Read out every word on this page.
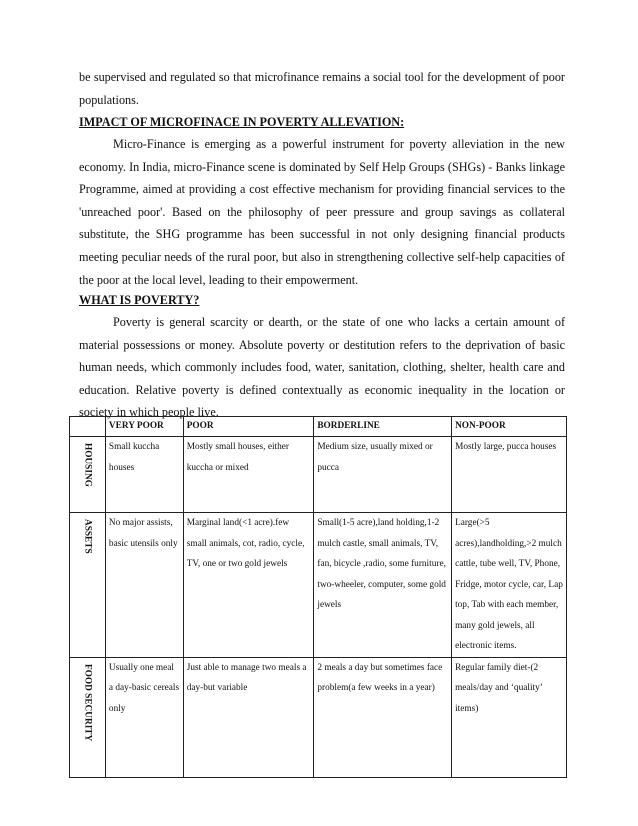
be supervised and regulated so that microfinance remains a social tool for the development of poor populations.

IMPACT OF MICROFINACE IN POVERTY ALLEVATION:

Micro-Finance is emerging as a powerful instrument for poverty alleviation in the new economy. In India, micro-Finance scene is dominated by Self Help Groups (SHGs) - Banks linkage Programme, aimed at providing a cost effective mechanism for providing financial services to the 'unreached poor'. Based on the philosophy of peer pressure and group savings as collateral substitute, the SHG programme has been successful in not only designing financial products meeting peculiar needs of the rural poor, but also in strengthening collective self-help capacities of the poor at the local level, leading to their empowerment.

WHAT IS POVERTY?

Poverty is general scarcity or dearth, or the state of one who lacks a certain amount of material possessions or money. Absolute poverty or destitution refers to the deprivation of basic human needs, which commonly includes food, water, sanitation, clothing, shelter, health care and education. Relative poverty is defined contextually as economic inequality in the location or society in which people live.

	VERY POOR	POOR	BORDERLINE	NON-POOR

HOUSING	Small kuccha houses	Mostly small houses, either kuccha or mixed	Medium size, usually mixed or pucca	Mostly large, pucca houses

ASSETS	No major assists, basic utensils only	Marginal land(<1 acre).few small animals, cot, radio, cycle, TV, one or two gold jewels	Small(1-5 acre),land holding,1-2 mulch castle, small animals, TV, fan, bicycle ,radio, some furniture, two-wheeler, computer, some gold jewels	Large(>5 acres),landholding,>2 mulch cattle, tube well, TV, Phone, Fridge, motor cycle, car, Lap top, Tab with each member, many gold jewels, all electronic items.

FOOD SECURITY	Usually one meal a day-basic cereals only	Just able to manage two meals a day-but variable	2 meals a day but sometimes face problem(a few weeks in a year)	Regular family diet-(2 meals/day and ‘quality’ items)
